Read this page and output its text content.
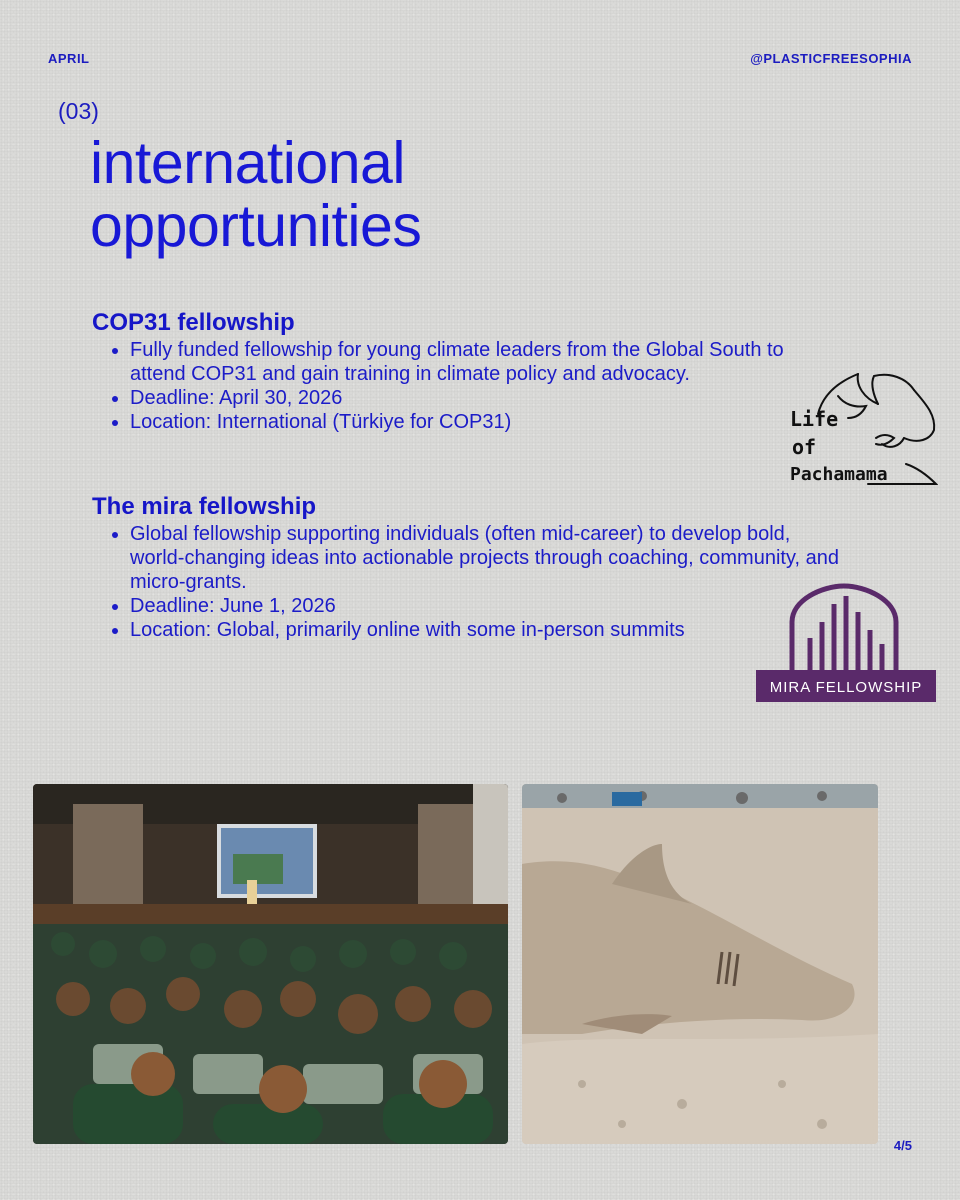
APRIL	@PLASTICFREESOPHIA
(03)
international
opportunities
COP31 fellowship
• Fully funded fellowship for young climate leaders from the Global South to attend COP31 and gain training in climate policy and advocacy.
• Deadline: April 30, 2026
• Location: International (Türkiye for COP31)
The mira fellowship
• Global fellowship supporting individuals (often mid-career) to develop bold, world-changing ideas into actionable projects through coaching, community, and micro-grants.
• Deadline: June 1, 2026
• Location: Global, primarily online with some in-person summits
Life
of
Pachamama
MIRA FELLOWSHIP
4/5
